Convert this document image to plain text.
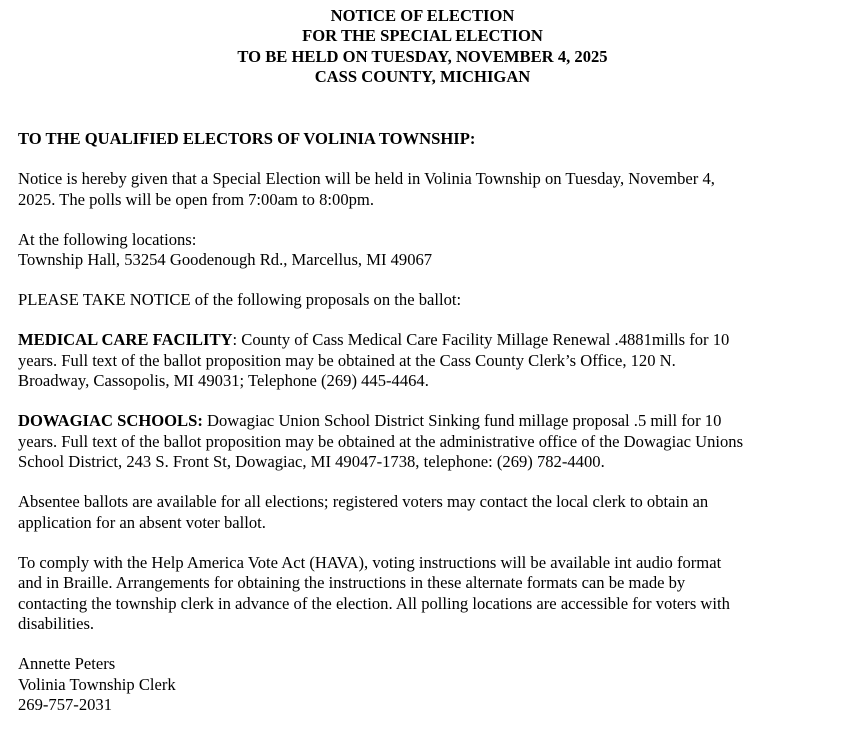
NOTICE OF ELECTION
FOR THE SPECIAL ELECTION
TO BE HELD ON TUESDAY, NOVEMBER 4, 2025
CASS COUNTY, MICHIGAN

TO THE QUALIFIED ELECTORS OF VOLINIA TOWNSHIP:

Notice is hereby given that a Special Election will be held in Volinia Township on Tuesday, November 4,
2025. The polls will be open from 7:00am to 8:00pm.
At the following locations:
Township Hall, 53254 Goodenough Rd., Marcellus, MI 49067
PLEASE TAKE NOTICE of the following proposals on the ballot:
MEDICAL CARE FACILITY: County of Cass Medical Care Facility Millage Renewal .4881mills for 10
years. Full text of the ballot proposition may be obtained at the Cass County Clerk’s Office, 120 N.
Broadway, Cassopolis, MI 49031; Telephone (269) 445-4464.
DOWAGIAC SCHOOLS: Dowagiac Union School District Sinking fund millage proposal .5 mill for 10
years. Full text of the ballot proposition may be obtained at the administrative office of the Dowagiac Unions
School District, 243 S. Front St, Dowagiac, MI 49047-1738, telephone: (269) 782-4400.
Absentee ballots are available for all elections; registered voters may contact the local clerk to obtain an
application for an absent voter ballot.
To comply with the Help America Vote Act (HAVA), voting instructions will be available int audio format
and in Braille. Arrangements for obtaining the instructions in these alternate formats can be made by
contacting the township clerk in advance of the election. All polling locations are accessible for voters with
disabilities.
Annette Peters
Volinia Township Clerk
269-757-2031
